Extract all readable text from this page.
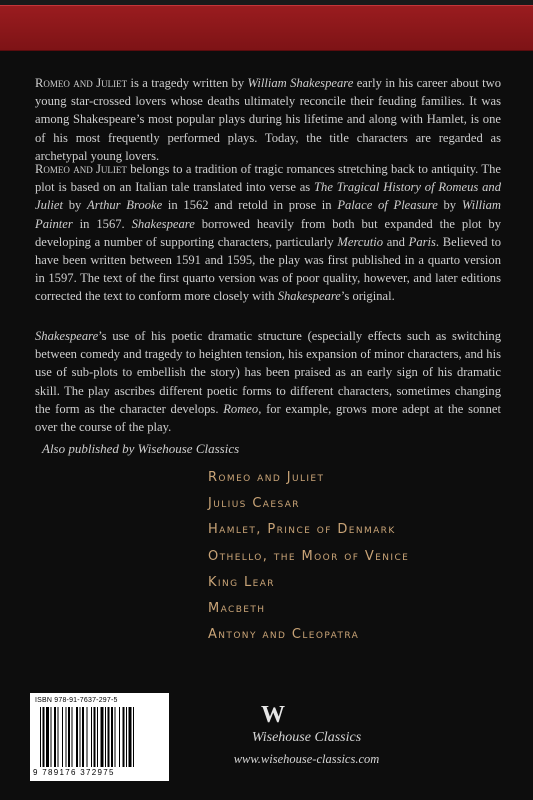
Romeo and Juliet is a tragedy written by William Shakespeare early in his career about two young star-crossed lovers whose deaths ultimately reconcile their feuding families. It was among Shakespeare’s most popular plays during his lifetime and along with Hamlet, is one of his most frequently performed plays. Today, the title characters are regarded as archetypal young lovers.

Romeo and Juliet belongs to a tradition of tragic romances stretching back to antiquity. The plot is based on an Italian tale translated into verse as The Tragical History of Romeus and Juliet by Arthur Brooke in 1562 and retold in prose in Palace of Pleasure by William Painter in 1567. Shakespeare borrowed heavily from both but expanded the plot by developing a number of supporting characters, particularly Mercutio and Paris. Believed to have been written between 1591 and 1595, the play was first published in a quarto version in 1597. The text of the first quarto version was of poor quality, however, and later editions corrected the text to conform more closely with Shakespeare’s original.

Shakespeare’s use of his poetic dramatic structure (especially effects such as switching between comedy and tragedy to heighten tension, his expansion of minor characters, and his use of sub-plots to embellish the story) has been praised as an early sign of his dramatic skill. The play ascribes different poetic forms to different characters, sometimes changing the form as the character develops. Romeo, for example, grows more adept at the sonnet over the course of the play.

Also published by Wisehouse Classics
Romeo and Juliet
Julius Caesar
Hamlet, Prince of Denmark
Othello, the Moor of Venice
King Lear
Macbeth
Antony and Cleopatra
ISBN 978-91-7637-297-5
9 789176 372975
W
Wisehouse Classics
www.wisehouse-classics.com
